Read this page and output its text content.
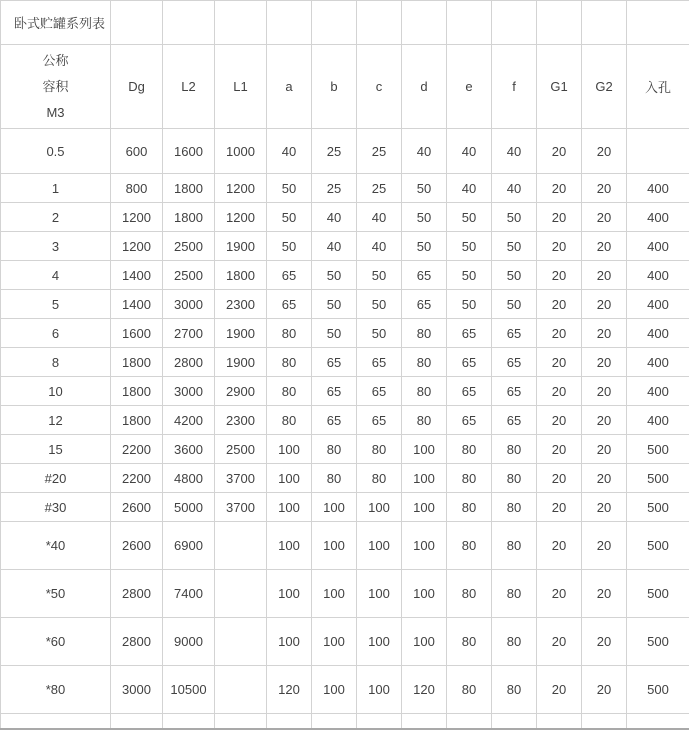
卧式贮罐系列表												

公称
容积
M3	Dg	L2	L1	a	b	c	d	e	f	G1	G2	入孔
0.5	600	1600	1000	40	25	25	40	40	40	20	20	
1	800	1800	1200	50	25	25	50	40	40	20	20	400
2	1200	1800	1200	50	40	40	50	50	50	20	20	400
3	1200	2500	1900	50	40	40	50	50	50	20	20	400
4	1400	2500	1800	65	50	50	65	50	50	20	20	400
5	1400	3000	2300	65	50	50	65	50	50	20	20	400
6	1600	2700	1900	80	50	50	80	65	65	20	20	400
8	1800	2800	1900	80	65	65	80	65	65	20	20	400
10	1800	3000	2900	80	65	65	80	65	65	20	20	400
12	1800	4200	2300	80	65	65	80	65	65	20	20	400
15	2200	3600	2500	100	80	80	100	80	80	20	20	500
#20	2200	4800	3700	100	80	80	100	80	80	20	20	500
#30	2600	5000	3700	100	100	100	100	80	80	20	20	500
*40	2600	6900		100	100	100	100	80	80	20	20	500
*50	2800	7400		100	100	100	100	80	80	20	20	500
*60	2800	9000		100	100	100	100	80	80	20	20	500
*80	3000	10500		120	100	100	120	80	80	20	20	500
